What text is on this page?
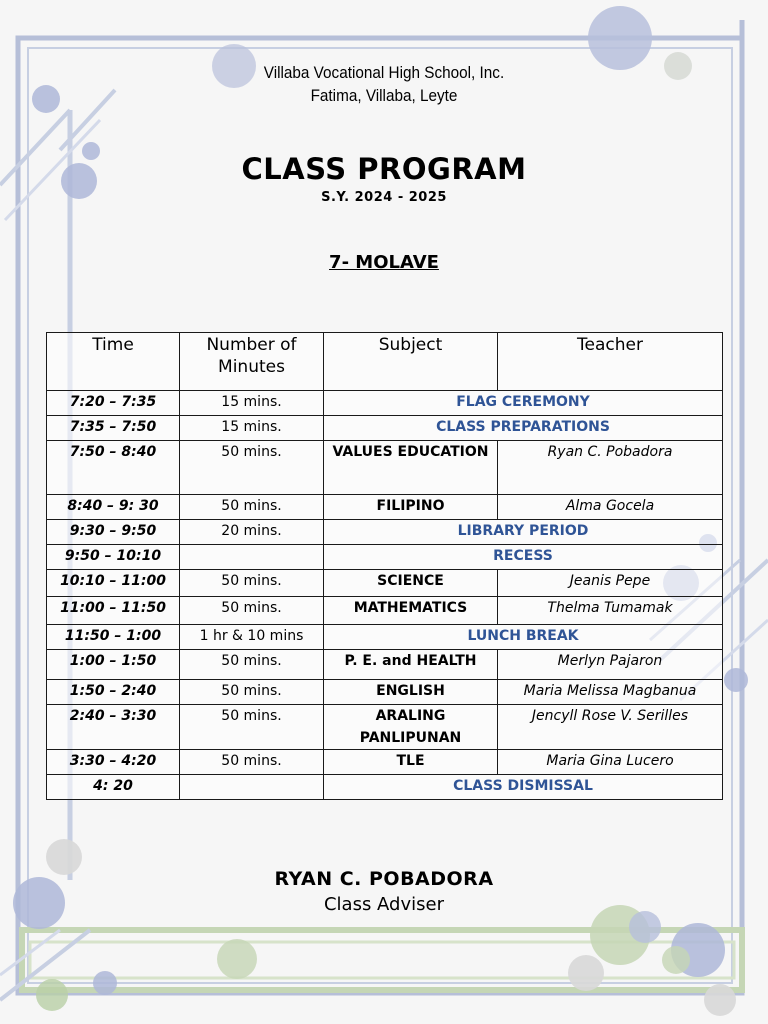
Villaba Vocational High School, Inc.
Fatima, Villaba, Leyte
CLASS PROGRAM
S.Y. 2024 - 2025
7- MOLAVE
Time	Number of Minutes	Subject	Teacher
7:20 – 7:35	15 mins.	FLAG CEREMONY	
7:35 – 7:50	15 mins.	CLASS PREPARATIONS	
7:50 – 8:40	50 mins.	VALUES EDUCATION	Ryan C. Pobadora
8:40 – 9: 30	50 mins.	FILIPINO	Alma Gocela
9:30 – 9:50	20 mins.	LIBRARY PERIOD	
9:50 – 10:10		RECESS	
10:10 – 11:00	50 mins.	SCIENCE	Jeanis Pepe
11:00 – 11:50	50 mins.	MATHEMATICS	Thelma Tumamak
11:50 – 1:00	1 hr & 10 mins	LUNCH BREAK	
1:00 – 1:50	50 mins.	P. E. and HEALTH	Merlyn Pajaron
1:50 – 2:40	50 mins.	ENGLISH	Maria Melissa Magbanua
2:40 – 3:30	50 mins.	ARALING PANLIPUNAN	Jencyll Rose V. Serilles
3:30 – 4:20	50 mins.	TLE	Maria Gina Lucero
4: 20		CLASS DISMISSAL	
RYAN C. POBADORA
Class Adviser
